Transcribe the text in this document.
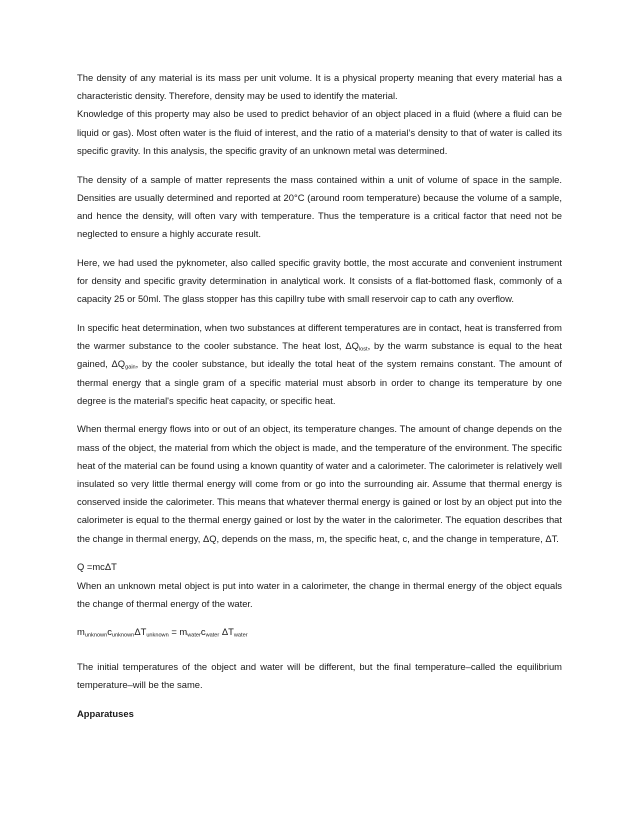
The density of any material is its mass per unit volume. It is a physical property meaning that every material has a characteristic density. Therefore, density may be used to identify the material.

Knowledge of this property may also be used to predict behavior of an object placed in a fluid (where a fluid can be liquid or gas). Most often water is the fluid of interest, and the ratio of a material’s density to that of water is called its specific gravity. In this analysis, the specific gravity of an unknown metal was determined.

The density of a sample of matter represents the mass contained within a unit of volume of space in the sample. Densities are usually determined and reported at 20°C (around room temperature) because the volume of a sample, and hence the density, will often vary with temperature. Thus the temperature is a critical factor that need not be neglected to ensure a highly accurate result.

Here, we had used the pyknometer, also called specific gravity bottle, the most accurate and convenient instrument for density and specific gravity determination in analytical work. It consists of a flat-bottomed flask, commonly of a capacity 25 or 50ml. The glass stopper has this capillry tube with small reservoir cap to cath any overflow.

In specific heat determination, when two substances at different temperatures are in contact, heat is transferred from the warmer substance to the cooler substance. The heat lost, $\Delta Q_{lost}$, by the warm substance is equal to the heat gained, $\Delta Q_{gain}$, by the cooler substance, but ideally the total heat of the system remains constant. The amount of thermal energy that a single gram of a specific material must absorb in order to change its temperature by one degree is the material's specific heat capacity, or specific heat.

When thermal energy flows into or out of an object, its temperature changes. The amount of change depends on the mass of the object, the material from which the object is made, and the temperature of the environment. The specific heat of the material can be found using a known quantity of water and a calorimeter. The calorimeter is relatively well insulated so very little thermal energy will come from or go into the surrounding air. Assume that thermal energy is conserved inside the calorimeter. This means that whatever thermal energy is gained or lost by an object put into the calorimeter is equal to the thermal energy gained or lost by the water in the calorimeter. The equation describes that the change in thermal energy, ΔQ, depends on the mass, m, the specific heat, c, and the change in temperature, ΔT.

Q =mcΔT

When an unknown metal object is put into water in a calorimeter, the change in thermal energy of the object equals the change of thermal energy of the water.

$m_{unknown}c_{unknown}\Delta T_{unknown} = m_{water}c_{water}$ $\Delta T_{water}$

The initial temperatures of the object and water will be different, but the final temperature–called the equilibrium temperature–will be the same.

Apparatuses
